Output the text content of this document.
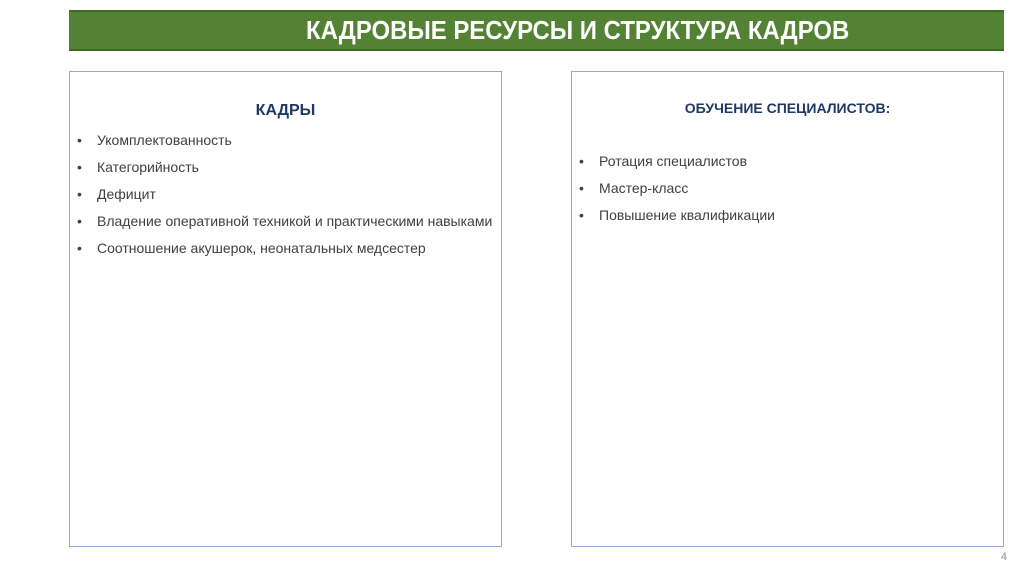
КАДРОВЫЕ РЕСУРСЫ И СТРУКТУРА КАДРОВ
КАДРЫ
• Укомплектованность
• Категорийность
• Дефицит
• Владение оперативной техникой и практическими навыками
• Соотношение акушерок, неонатальных медсестер
ОБУЧЕНИЕ СПЕЦИАЛИСТОВ:
• Ротация специалистов
• Мастер-класс
• Повышение квалификации
4
